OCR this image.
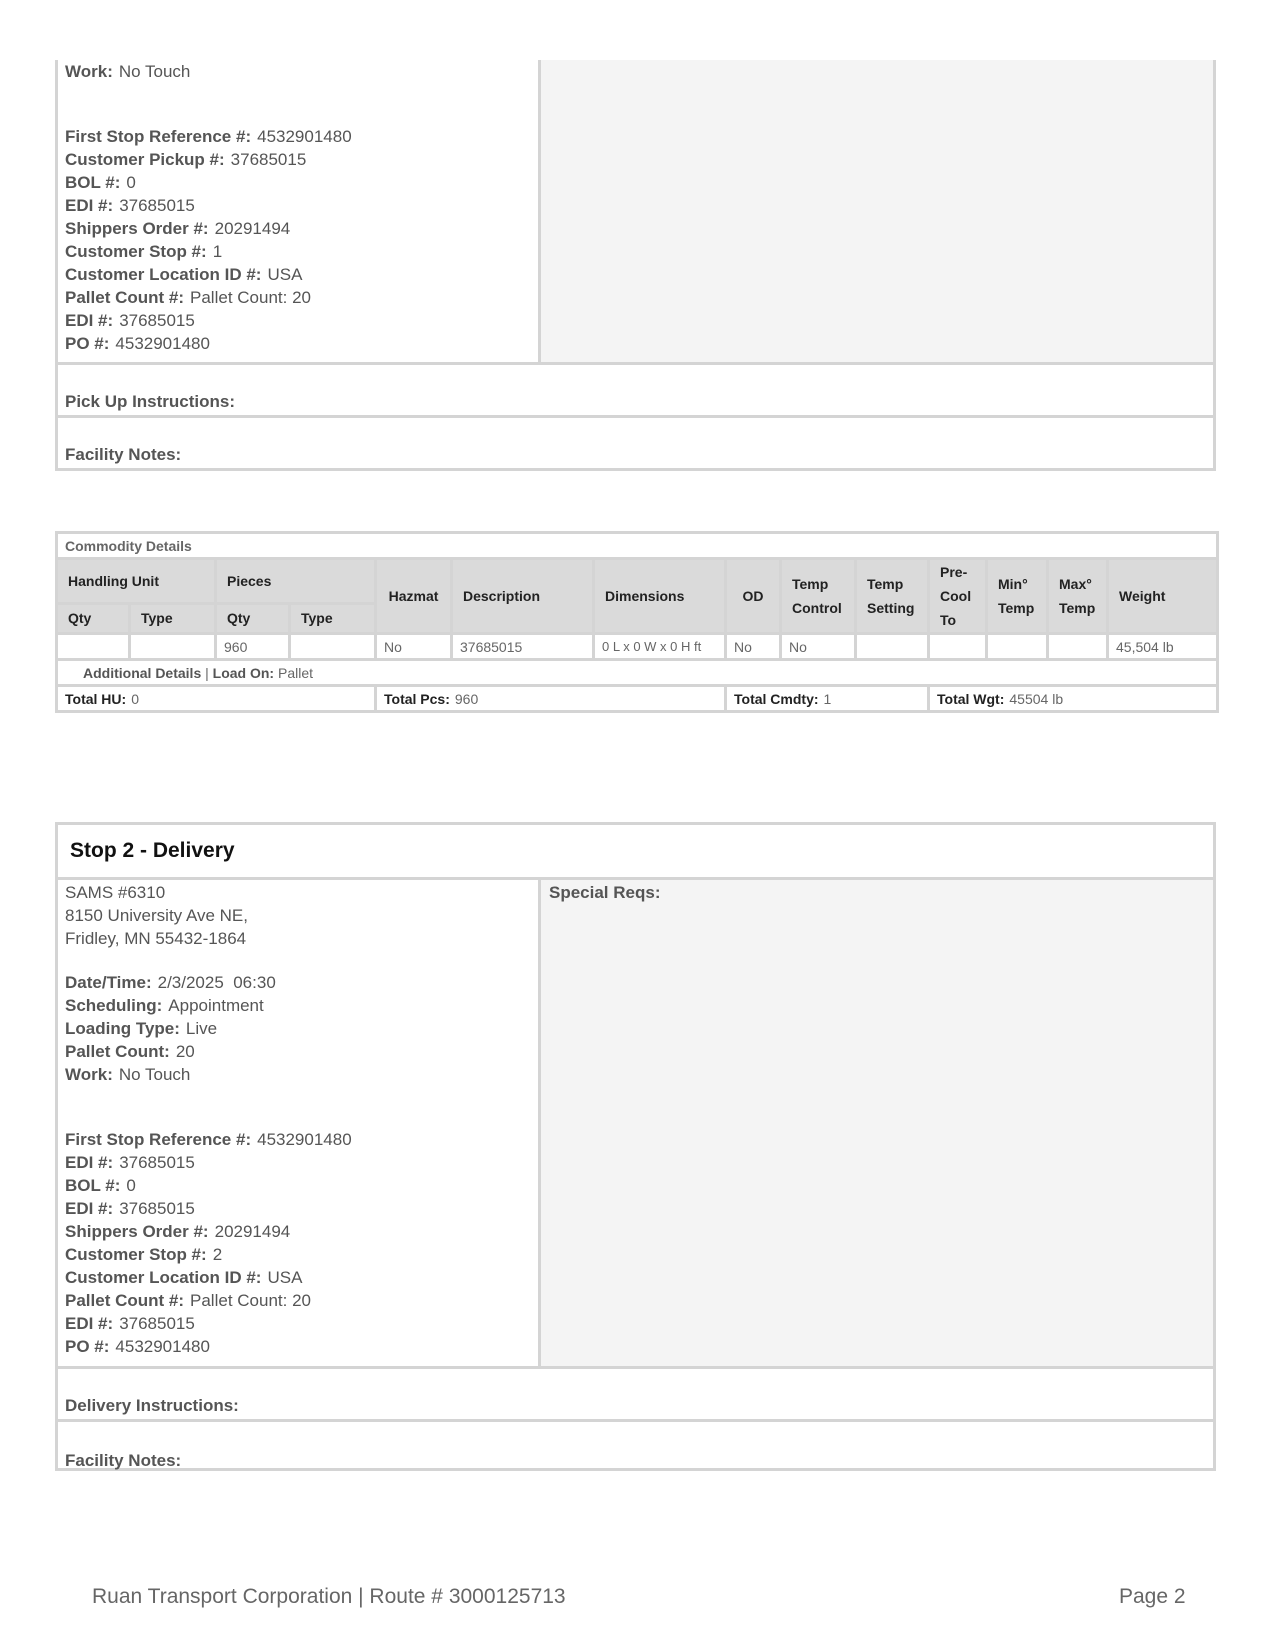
Work: No Touch
First Stop Reference #: 4532901480
Customer Pickup #: 37685015
BOL #: 0
EDI #: 37685015
Shippers Order #: 20291494
Customer Stop #: 1
Customer Location ID #: USA
Pallet Count #: Pallet Count: 20
EDI #: 37685015
PO #: 4532901480
Pick Up Instructions:
Facility Notes:
Commodity Details													
Handling Unit		Pieces		Hazmat	Description	Dimensions	OD	Temp Control	Temp Setting	Pre-Cool To	Min° Temp	Max° Temp	Weight
Qty	Type	Qty	Type										
		960		No	37685015	0 L x 0 W x 0 H ft	No	No					45,504 lb
Additional Details | Load On: Pallet													
Total HU: 0				Total Pcs: 960			Total Cmdty: 1			Total Wgt: 45504 lb			
Stop 2 - Delivery
SAMS #6310
8150 University Ave NE,
Fridley, MN 55432-1864
Date/Time: 2/3/2025  06:30
Scheduling: Appointment
Loading Type: Live
Pallet Count: 20
Work: No Touch
First Stop Reference #: 4532901480
EDI #: 37685015
BOL #: 0
EDI #: 37685015
Shippers Order #: 20291494
Customer Stop #: 2
Customer Location ID #: USA
Pallet Count #: Pallet Count: 20
EDI #: 37685015
PO #: 4532901480
Special Reqs:
Delivery Instructions:
Facility Notes:
Ruan Transport Corporation | Route # 3000125713	Page 2
